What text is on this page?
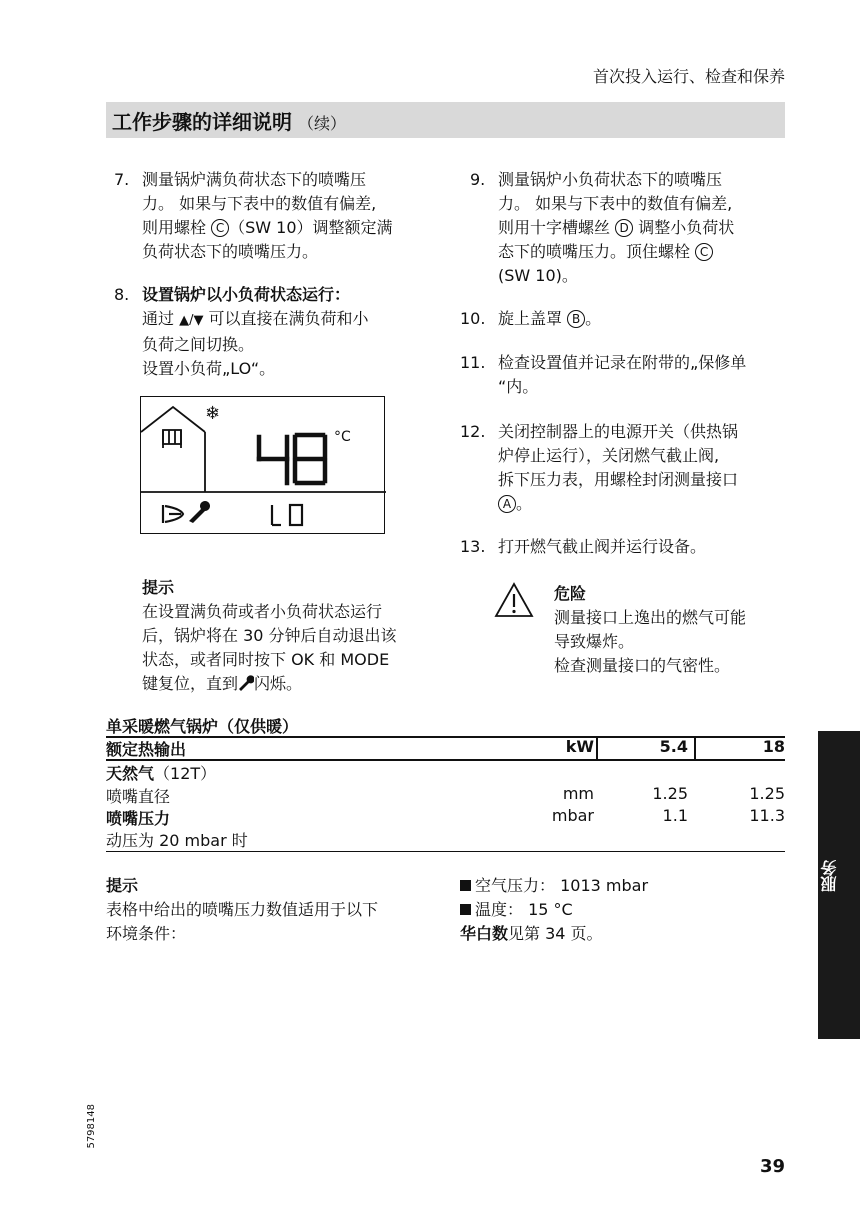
首次投入运行、检查和保养
工作步骤的详细说明 （续）
7. 测量锅炉满负荷状态下的喷嘴压
力。 如果与下表中的数值有偏差,
则用螺栓 C （SW 10）调整额定满
负荷状态下的喷嘴压力。
8. 设置锅炉以小负荷状态运行：
通过 ▲/▼ 可以直接在满负荷和小
负荷之间切换。
设置小负荷„LO“。
❄
°C
提示
在设置满负荷或者小负荷状态运行
后，锅炉将在 30 分钟后自动退出该
状态，或者同时按下 OK 和 MODE
键复位，直到 闪烁。
9. 测量锅炉小负荷状态下的喷嘴压
力。 如果与下表中的数值有偏差,
则用十字槽螺丝 D 调整小负荷状
态下的喷嘴压力。顶住螺栓 C
(SW 10)。
10. 旋上盖罩 B 。
11. 检查设置值并记录在附带的„保修单
“内。
12. 关闭控制器上的电源开关（供热锅
炉停止运行），关闭燃气截止阀,
拆下压力表，用螺栓封闭测量接口
A 。
13. 打开燃气截止阀并运行设备。
危险
测量接口上逸出的燃气可能
导致爆炸。
检查测量接口的气密性。
单采暖燃气锅炉（仅供暖）
额定热输出	kW	5.4	18
天然气（12T）
喷嘴直径	mm	1.25	1.25
喷嘴压力	mbar	1.1	11.3
动压为 20 mbar 时
提示
表格中给出的喷嘴压力数值适用于以下
环境条件：
空气压力： 1013 mbar
温度： 15 °C
华白数见第 34 页。
服务
5798148
39
